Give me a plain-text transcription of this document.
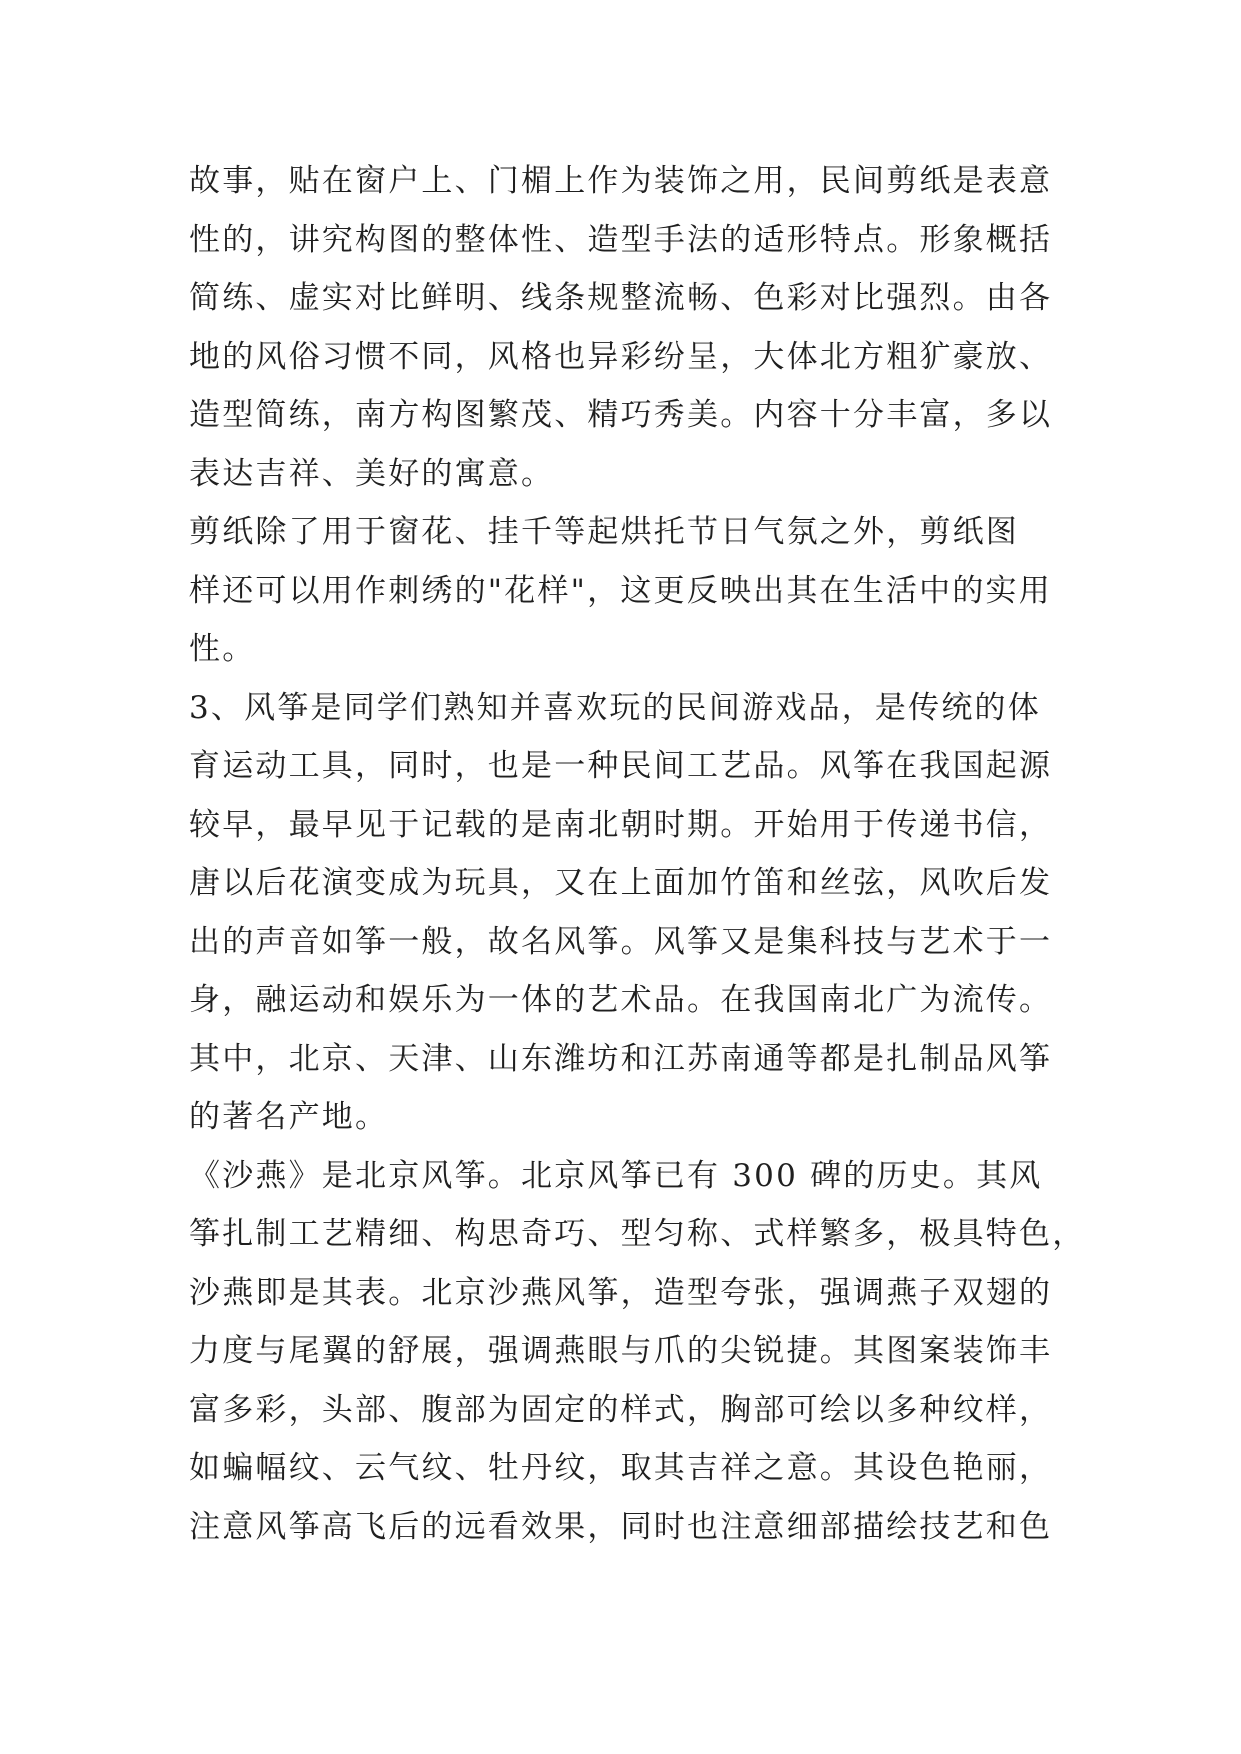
故事，贴在窗户上、门楣上作为装饰之用，民间剪纸是表意
性的，讲究构图的整体性、造型手法的适形特点。形象概括
简练、虚实对比鲜明、线条规整流畅、色彩对比强烈。由各
地的风俗习惯不同，风格也异彩纷呈，大体北方粗犷豪放、
造型简练，南方构图繁茂、精巧秀美。内容十分丰富，多以
表达吉祥、美好的寓意。
剪纸除了用于窗花、挂千等起烘托节日气氛之外，剪纸图
样还可以用作刺绣的"花样"，这更反映出其在生活中的实用
性。
3、风筝是同学们熟知并喜欢玩的民间游戏品，是传统的体
育运动工具，同时，也是一种民间工艺品。风筝在我国起源
较早，最早见于记载的是南北朝时期。开始用于传递书信，
唐以后花演变成为玩具，又在上面加竹笛和丝弦，风吹后发
出的声音如筝一般，故名风筝。风筝又是集科技与艺术于一
身，融运动和娱乐为一体的艺术品。在我国南北广为流传。
其中，北京、天津、山东潍坊和江苏南通等都是扎制品风筝
的著名产地。
《沙燕》是北京风筝。北京风筝已有 300 碑的历史。其风
筝扎制工艺精细、构思奇巧、型匀称、式样繁多，极具特色，
沙燕即是其表。北京沙燕风筝，造型夸张，强调燕子双翅的
力度与尾翼的舒展，强调燕眼与爪的尖锐捷。其图案装饰丰
富多彩，头部、腹部为固定的样式，胸部可绘以多种纹样，
如蝙幅纹、云气纹、牡丹纹，取其吉祥之意。其设色艳丽，
注意风筝高飞后的远看效果，同时也注意细部描绘技艺和色
